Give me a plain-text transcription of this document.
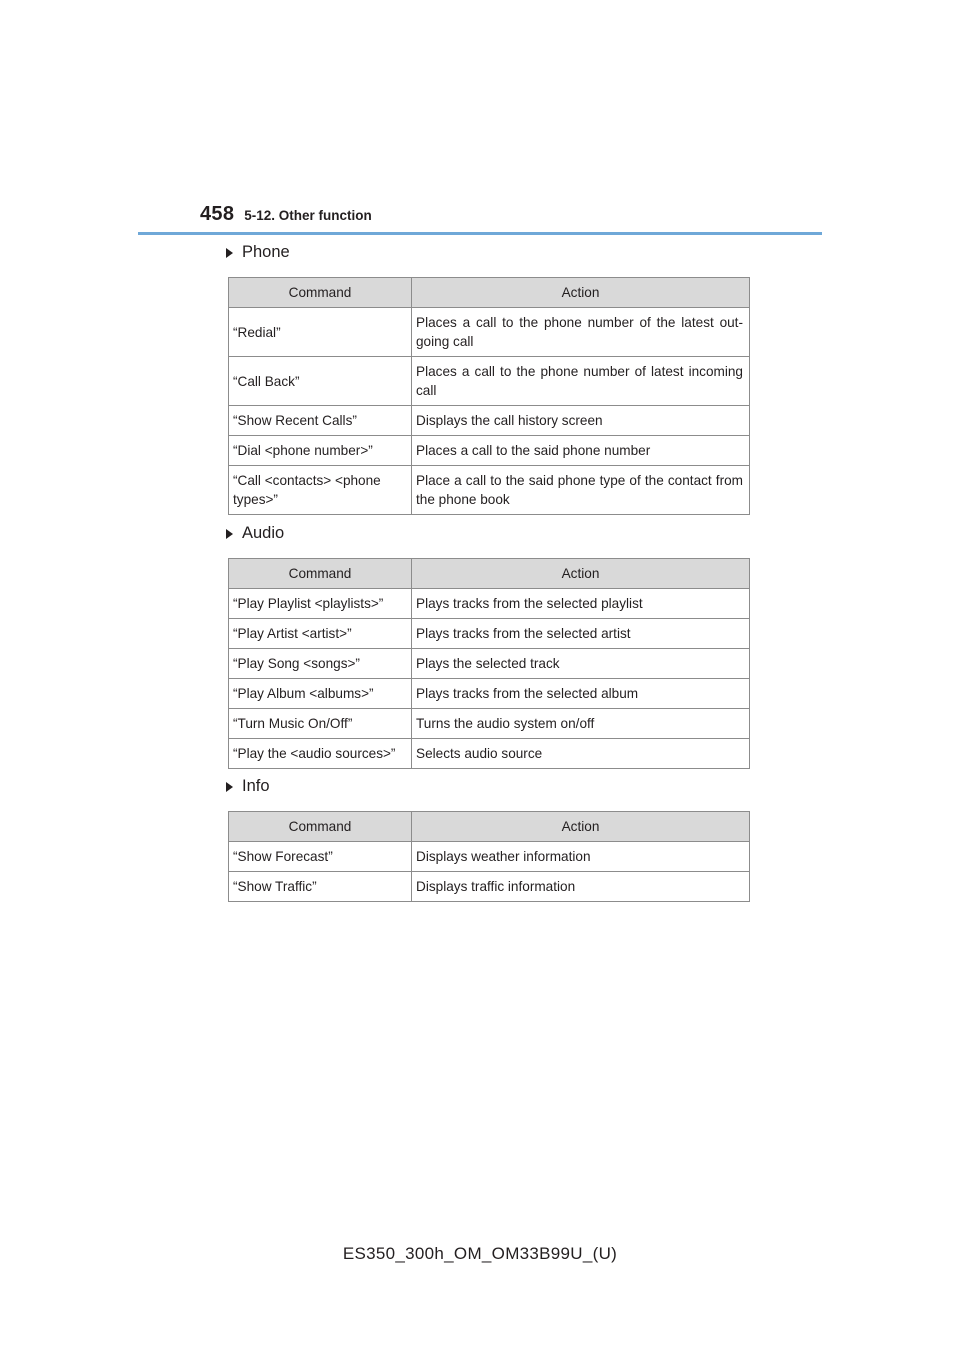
458 5-12. Other function
Phone
Command	Action
“Redial”	Places a call to the phone number of the latest out-going call
“Call Back”	Places a call to the phone number of latest incoming call
“Show Recent Calls”	Displays the call history screen
“Dial <phone number>”	Places a call to the said phone number
“Call <contacts> <phone types>”	Place a call to the said phone type of the contact from the phone book
Audio
Command	Action
“Play Playlist <playlists>”	Plays tracks from the selected playlist
“Play Artist <artist>”	Plays tracks from the selected artist
“Play Song <songs>”	Plays the selected track
“Play Album <albums>”	Plays tracks from the selected album
“Turn Music On/Off”	Turns the audio system on/off
“Play the <audio sources>”	Selects audio source
Info
Command	Action
“Show Forecast”	Displays weather information
“Show Traffic”	Displays traffic information
ES350_300h_OM_OM33B99U_(U)
